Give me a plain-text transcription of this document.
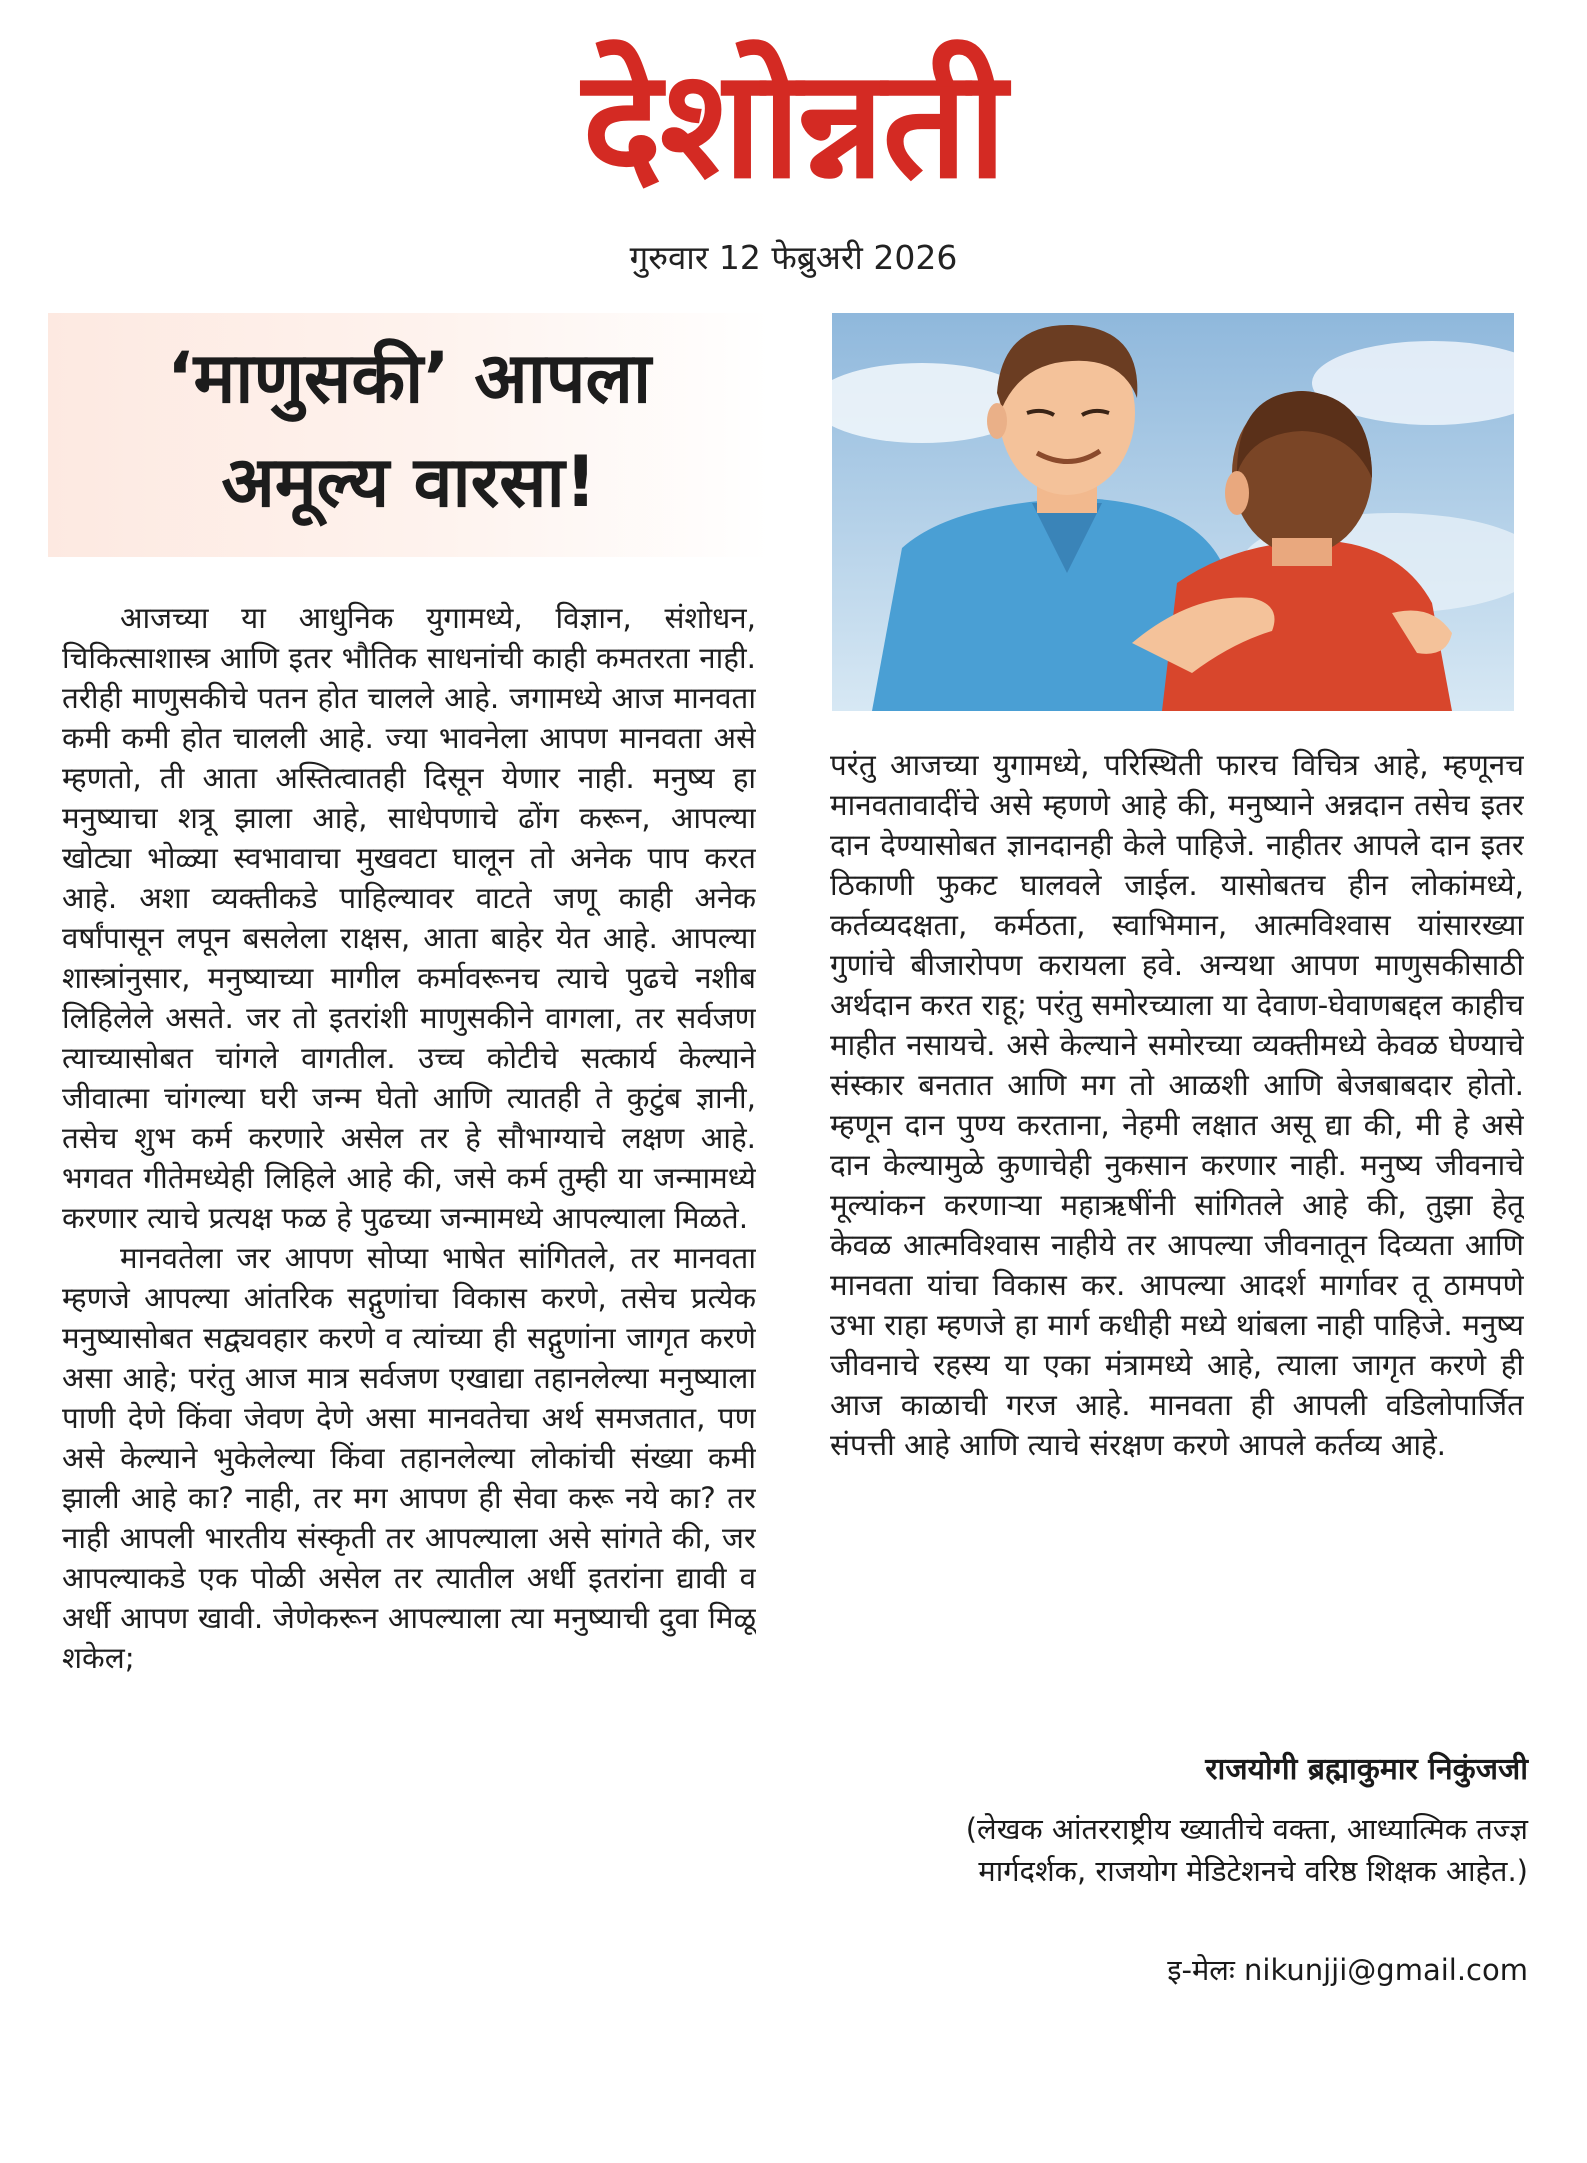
देशोन्नती
गुरुवार 12 फेब्रुअरी 2026
‘माणुसकी’ आपला
अमूल्य वारसा!

आजच्या या आधुनिक युगामध्ये, विज्ञान, संशोधन, चिकित्साशास्त्र आणि इतर भौतिक साधनांची काही कमतरता नाही. तरीही माणुसकीचे पतन होत चालले आहे. जगामध्ये आज मानवता कमी कमी होत चालली आहे. ज्या भावनेला आपण मानवता असे म्हणतो, ती आता अस्तित्वातही दिसून येणार नाही. मनुष्य हा मनुष्याचा शत्रू झाला आहे, साधेपणाचे ढोंग करून, आपल्या खोट्या भोळ्या स्वभावाचा मुखवटा घालून तो अनेक पाप करत आहे. अशा व्यक्तीकडे पाहिल्यावर वाटते जणू काही अनेक वर्षांपासून लपून बसलेला राक्षस, आता बाहेर येत आहे. आपल्या शास्त्रांनुसार, मनुष्याच्या मागील कर्मावरूनच त्याचे पुढचे नशीब लिहिलेले असते. जर तो इतरांशी माणुसकीने वागला, तर सर्वजण त्याच्यासोबत चांगले वागतील. उच्च कोटीचे सत्कार्य केल्याने जीवात्मा चांगल्या घरी जन्म घेतो आणि त्यातही ते कुटुंब ज्ञानी, तसेच शुभ कर्म करणारे असेल तर हे सौभाग्याचे लक्षण आहे. भगवत गीतेमध्येही लिहिले आहे की, जसे कर्म तुम्ही या जन्मामध्ये करणार त्याचे प्रत्यक्ष फळ हे पुढच्या जन्मामध्ये आपल्याला मिळते.

मानवतेला जर आपण सोप्या भाषेत सांगितले, तर मानवता म्हणजे आपल्या आंतरिक सद्गुणांचा विकास करणे, तसेच प्रत्येक मनुष्यासोबत सद्व्यवहार करणे व त्यांच्या ही सद्गुणांना जागृत करणे असा आहे; परंतु आज मात्र सर्वजण एखाद्या तहानलेल्या मनुष्याला पाणी देणे किंवा जेवण देणे असा मानवतेचा अर्थ समजतात, पण असे केल्याने भुकेलेल्या किंवा तहानलेल्या लोकांची संख्या कमी झाली आहे का? नाही, तर मग आपण ही सेवा करू नये का? तर नाही आपली भारतीय संस्कृती तर आपल्याला असे सांगते की, जर आपल्याकडे एक पोळी असेल तर त्यातील अर्धी इतरांना द्यावी व अर्धी आपण खावी. जेणेकरून आपल्याला त्या मनुष्याची दुवा मिळू शकेल;

परंतु आजच्या युगामध्ये, परिस्थिती फारच विचित्र आहे, म्हणूनच मानवतावादींचे असे म्हणणे आहे की, मनुष्याने अन्नदान तसेच इतर दान देण्यासोबत ज्ञानदानही केले पाहिजे. नाहीतर आपले दान इतर ठिकाणी फुकट घालवले जाईल. यासोबतच हीन लोकांमध्ये, कर्तव्यदक्षता, कर्मठता, स्वाभिमान, आत्मविश्वास यांसारख्या गुणांचे बीजारोपण करायला हवे. अन्यथा आपण माणुसकीसाठी अर्थदान करत राहू; परंतु समोरच्याला या देवाण-घेवाणबद्दल काहीच माहीत नसायचे. असे केल्याने समोरच्या व्यक्तीमध्ये केवळ घेण्याचे संस्कार बनतात आणि मग तो आळशी आणि बेजबाबदार होतो. म्हणून दान पुण्य करताना, नेहमी लक्षात असू द्या की, मी हे असे दान केल्यामुळे कुणाचेही नुकसान करणार नाही. मनुष्य जीवनाचे मूल्यांकन करणाऱ्या महाऋषींनी सांगितले आहे की, तुझा हेतू केवळ आत्मविश्वास नाहीये तर आपल्या जीवनातून दिव्यता आणि मानवता यांचा विकास कर. आपल्या आदर्श मार्गावर तू ठामपणे उभा राहा म्हणजे हा मार्ग कधीही मध्ये थांबला नाही पाहिजे. मनुष्य जीवनाचे रहस्य या एका मंत्रामध्ये आहे, त्याला जागृत करणे ही आज काळाची गरज आहे. मानवता ही आपली वडिलोपार्जित संपत्ती आहे आणि त्याचे संरक्षण करणे आपले कर्तव्य आहे.

राजयोगी ब्रह्माकुमार निकुंजजी
(लेखक आंतरराष्ट्रीय ख्यातीचे वक्ता, आध्यात्मिक तज्ज्ञ मार्गदर्शक, राजयोग मेडिटेशनचे वरिष्ठ शिक्षक आहेत.)
इ-मेलः nikunjji@gmail.com
